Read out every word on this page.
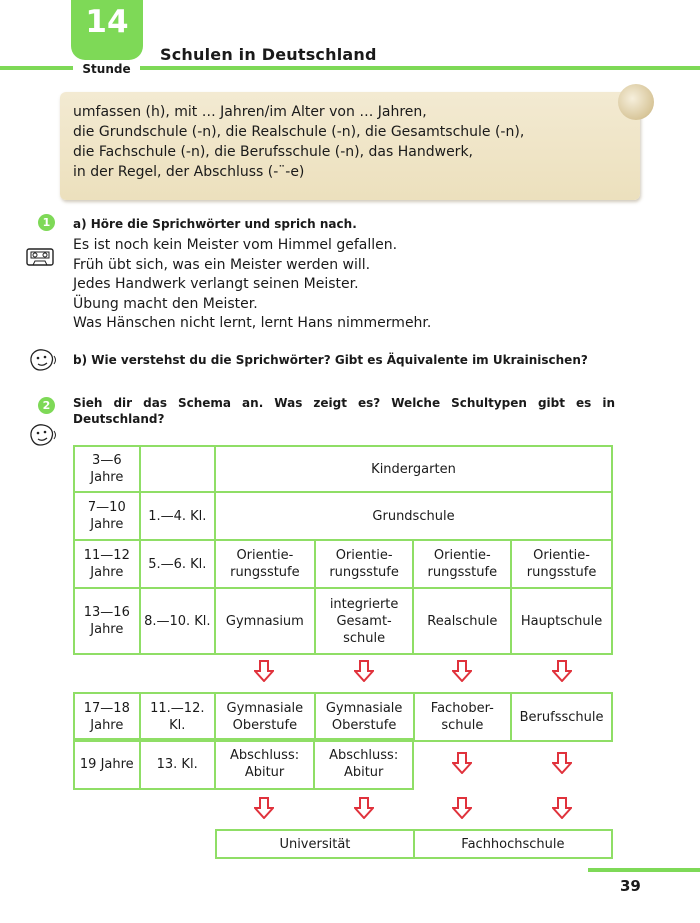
14
Stunde
Schulen in Deutschland
umfassen (h), mit … Jahren/im Alter von … Jahren,
die Grundschule (-n), die Realschule (-n), die Gesamtschule (-n),
die Fachschule (-n), die Berufsschule (-n), das Handwerk,
in der Regel, der Abschluss (-¨-e)
1	a) Höre die Sprichwörter und sprich nach.
Es ist noch kein Meister vom Himmel gefallen.
Früh übt sich, was ein Meister werden will.
Jedes Handwerk verlangt seinen Meister.
Übung macht den Meister.
Was Hänschen nicht lernt, lernt Hans nimmermehr.
b) Wie verstehst du die Sprichwörter? Gibt es Äquivalente im Ukrainischen?
2	Sieh dir das Schema an. Was zeigt es? Welche Schultypen gibt es in
Deutschland?
3—6 Jahre		Kindergarten			
7—10 Jahre	1.—4. Kl.	Grundschule			
11—12 Jahre	5.—6. Kl.	Orientie-rungsstufe	Orientie-rungsstufe	Orientie-rungsstufe	Orientie-rungsstufe
13—16 Jahre	8.—10. Kl.	Gymnasium	integrierte Gesamt-schule	Realschule	Hauptschule
17—18 Jahre	11.—12. Kl.	Gymnasiale Oberstufe	Gymnasiale Oberstufe	Fachober-schule	Berufsschule
19 Jahre	13. Kl.	Abschluss: Abitur	Abschluss: Abitur
Universität	Fachhochschule
39
